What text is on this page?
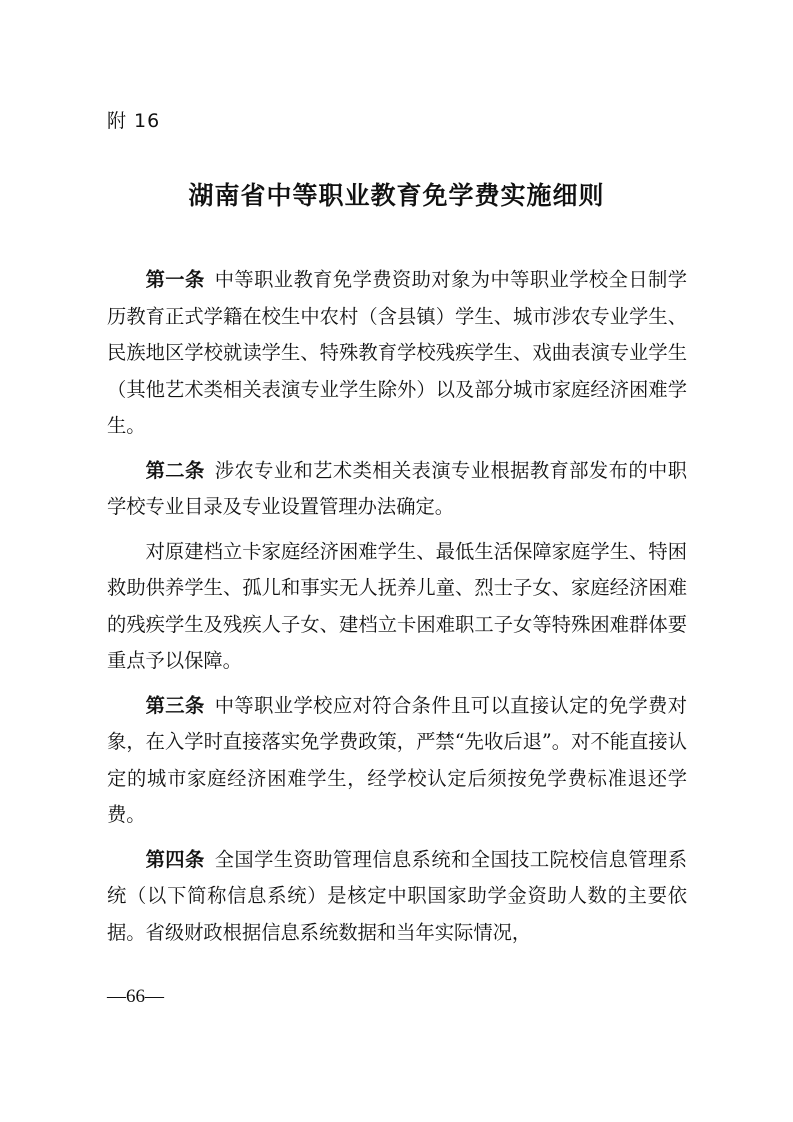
附 16
湖南省中等职业教育免学费实施细则

第一条 中等职业教育免学费资助对象为中等职业学校全日制学历教育正式学籍在校生中农村（含县镇）学生、城市涉农专业学生、民族地区学校就读学生、特殊教育学校残疾学生、戏曲表演专业学生（其他艺术类相关表演专业学生除外）以及部分城市家庭经济困难学生。

第二条 涉农专业和艺术类相关表演专业根据教育部发布的中职学校专业目录及专业设置管理办法确定。

对原建档立卡家庭经济困难学生、最低生活保障家庭学生、特困救助供养学生、孤儿和事实无人抚养儿童、烈士子女、家庭经济困难的残疾学生及残疾人子女、建档立卡困难职工子女等特殊困难群体要重点予以保障。

第三条 中等职业学校应对符合条件且可以直接认定的免学费对象，在入学时直接落实免学费政策，严禁“先收后退”。对不能直接认定的城市家庭经济困难学生，经学校认定后须按免学费标准退还学费。

第四条 全国学生资助管理信息系统和全国技工院校信息管理系统（以下简称信息系统）是核定中职国家助学金资助人数的主要依据。省级财政根据信息系统数据和当年实际情况，

—66—
